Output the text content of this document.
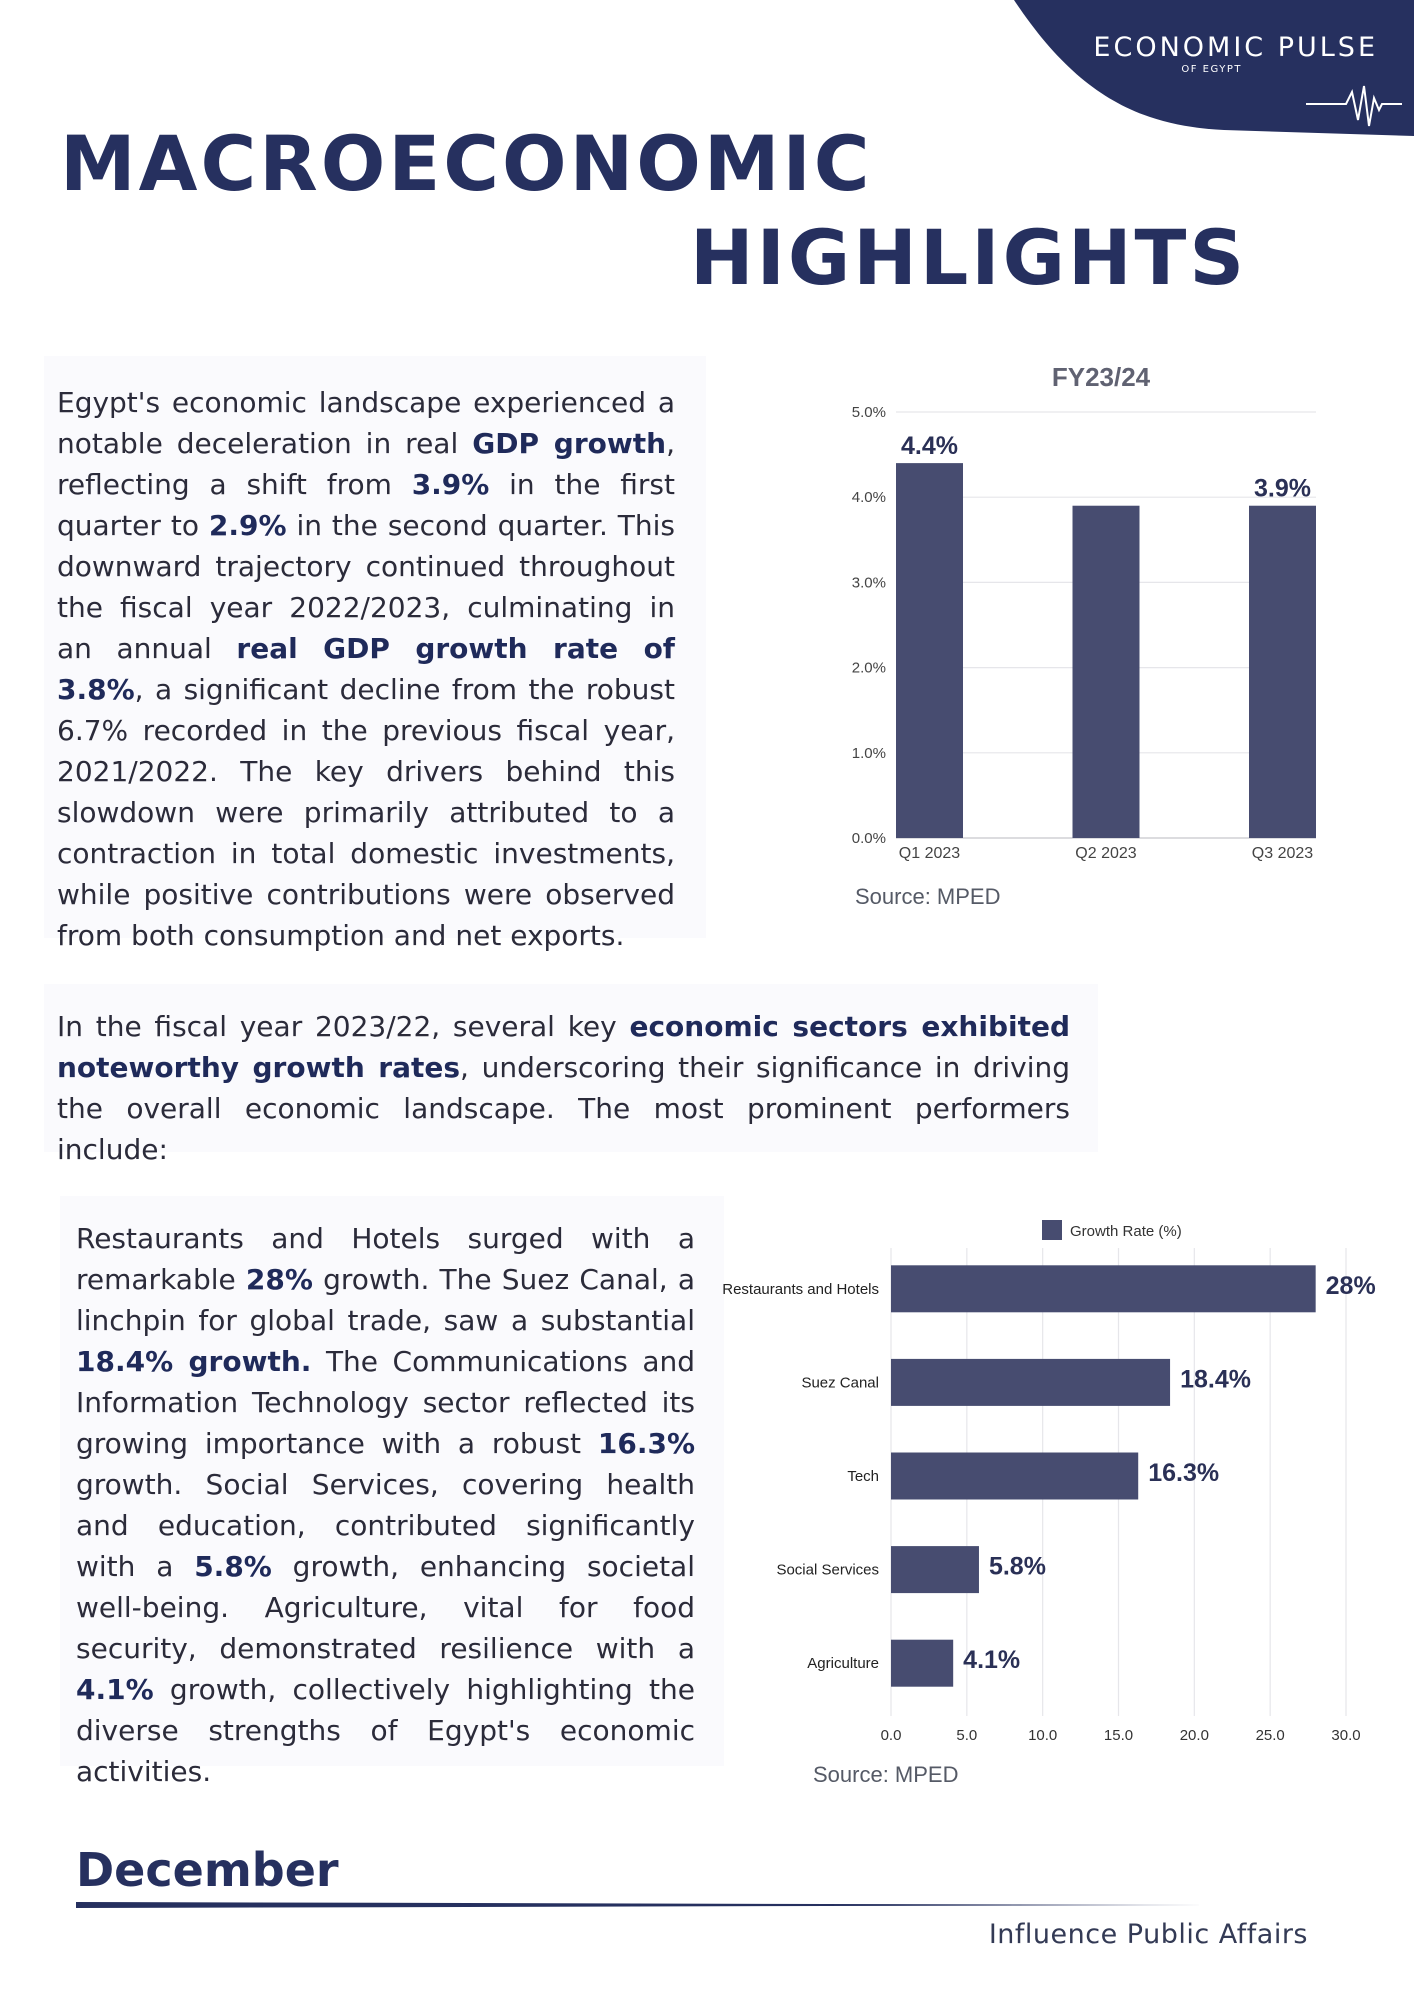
ECONOMIC PULSE
OF EGYPT
MACROECONOMIC
HIGHLIGHTS

Egypt's economic landscape experienced a notable deceleration in real GDP growth, reflecting a shift from 3.9% in the first quarter to 2.9% in the second quarter. This downward trajectory continued throughout the fiscal year 2022/2023, culminating in an annual real GDP growth rate of 3.8%, a significant decline from the robust 6.7% recorded in the previous fiscal year, 2021/2022. The key drivers behind this slowdown were primarily attributed to a contraction in total domestic investments, while positive contributions were observed from both consumption and net exports.

FY23/24
0.0%
1.0%
2.0%
3.0%
4.0%
5.0%
Q1 2023
4.4%
Q2 2023	Q3 2023
3.9%
Source: MPED

In the fiscal year 2023/22, several key economic sectors exhibited noteworthy growth rates, underscoring their significance in driving the overall economic landscape. The most prominent performers include:

Restaurants and Hotels surged with a remarkable 28% growth. The Suez Canal, a linchpin for global trade, saw a substantial 18.4% growth. The Communications and Information Technology sector reflected its growing importance with a robust 16.3% growth. Social Services, covering health and education, contributed significantly with a 5.8% growth, enhancing societal well-being. Agriculture, vital for food security, demonstrated resilience with a 4.1% growth, collectively highlighting the diverse strengths of Egypt's economic activities.

Growth Rate (%)
0.0	5.0	10.0	15.0	20.0	25.0	30.0
Restaurants and Hotels	28%
Suez Canal	18.4%
Tech	16.3%
Social Services	5.8%
Agriculture	4.1%
Source: MPED
December
Influence Public Affairs
